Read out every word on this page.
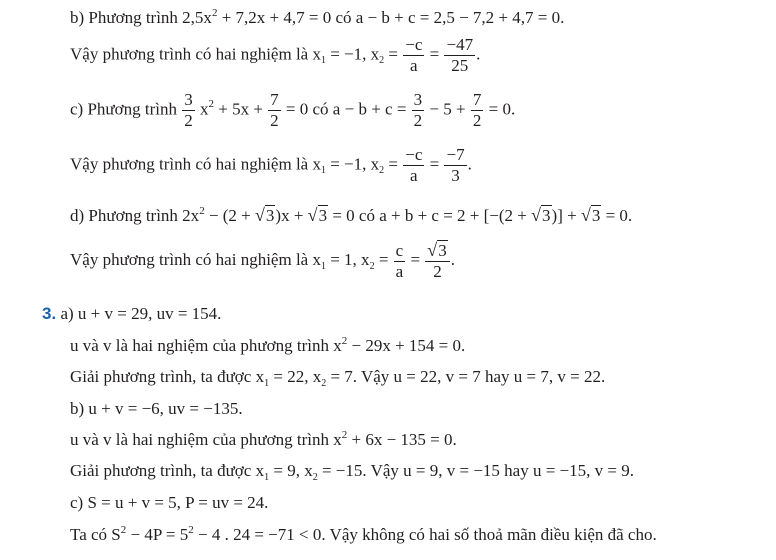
b) Phương trình $2,5x^2 + 7,2x + 4,7 = 0$ có a − b + c = 2,5 − 7,2 + 4,7 = 0.
Vậy phương trình có hai nghiệm là $x_1 = -1$, $x_2 = \frac{-c}{a} = \frac{-47}{25}$ .
c) Phương trình $\frac{3}{2} x^2 + 5x + \frac{7}{2} = 0$ có $a - b + c = \frac{3}{2} - 5 + \frac{7}{2} = 0$.
Vậy phương trình có hai nghiệm là $x_1 = -1$, $x_2 = \frac{-c}{a} = \frac{-7}{3}$ .
d) Phương trình $2x^2 - (2 + √3)x + √3 = 0$ có a + b + c = 2 + [−(2 + √3)] + √3 = 0.
Vậy phương trình có hai nghiệm là $x_1 = 1$, $x_2 = \frac{c}{a} = \frac{√3}{2}$ .
3. a) u + v = 29, uv = 154.
u và v là hai nghiệm của phương trình $x^2 - 29x + 154 = 0$.
Giải phương trình, ta được $x_1 = 22$, $x_2 = 7$. Vậy u = 22, v = 7 hay u = 7, v = 22.
b) u + v = −6, uv = −135.
u và v là hai nghiệm của phương trình $x^2 + 6x - 135 = 0$.
Giải phương trình, ta được $x_1 = 9$, $x_2 = -15$. Vậy u = 9, v = −15 hay u = −15, v = 9.
c) S = u + v = 5, P = uv = 24.
Ta có $S^2 - 4P = 5^2 - 4$ . 24 = −71 < 0. Vậy không có hai số thoả mãn điều kiện đã cho.
